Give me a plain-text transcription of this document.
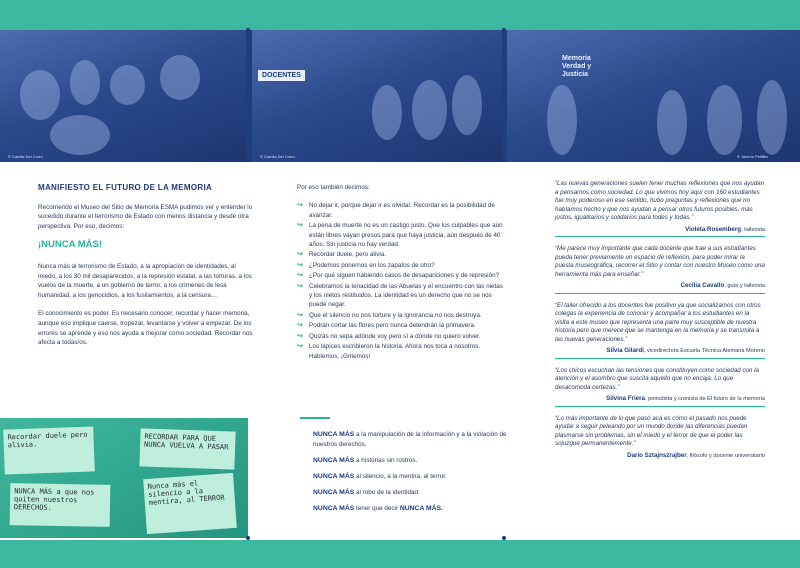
© Camila Del Corro
DOCENTES
© Camila Del Corro
Memoria Verdad y Justicia
© Jazmín Pelliller
MANIFIESTO EL FUTURO DE LA MEMORIA

Recorriendo el Museo del Sitio de Memoria ESMA pudimos ver y entender lo sucedido durante el terrorismo de Estado con menos distancia y desde otra perspectiva. Por eso, decimos:

¡NUNCA MÁS!

Nunca más al terrorismo de Estado, a la apropiación de identidades, al miedo, a los 30 mil desaparecidos, a la represión estatal, a las torturas, a los vuelos de la muerte, a un gobierno de terror, a los crímenes de lesa humanidad, a los genocidios, a los fusilamientos, a la censura…

El conocimiento es poder. Es necesario conocer, recordar y hacer memoria, aunque eso implique caerse, tropezar, levantarse y volver a empezar. De los errores se aprende y eso nos ayuda a mejorar como sociedad. Recordar nos afecta a todas/os.

Recordar duele pero alivia.
RECORDAR PARA QUE NUNCA VUELVA A PASAR
NUNCA MÁS a que nos quiten nuestros DERECHOS.
Nunca más el silencio a la mentira, al TERROR

Por eso también decimos:

↪ No dejar ir, porque dejar ir es olvidar. Recordar es la posibilidad de avanzar.
↪ La pena de muerte no es un castigo justo. Que los culpables que aún están libres vayan presos para que haya justicia, aún después de 40 años. Sin justicia no hay verdad.
↪ Recordar duele, pero alivia.
↪ ¿Podemos ponernos en los zapatos de otro?
↪ ¿Por qué siguen habiendo casos de desapariciones y de represión?
↪ Celebramos la tenacidad de las Abuelas y el encuentro con las nietas y los nietos restituidos. La identidad es un derecho que no se nos puede negar.
↪ Que el silencio no nos torture y la ignorancia no nos destruya.
↪ Podrán cortar las flores pero nunca detendrán la primavera.
↪ Quizás no sepa adónde voy pero sí a dónde no quiero volver.
↪ Los lápices escribieron la historia. Ahora nos toca a nosotros. Hablemos, ¡Gritemos!
NUNCA MÁS a la manipulación de la información y a la violación de nuestros derechos.
NUNCA MÁS a historias sin rostros.
NUNCA MÁS al silencio, a la mentira, al terror.
NUNCA MÁS al robo de la identidad.
NUNCA MÁS tener que decir NUNCA MÁS.

“Las nuevas generaciones suelen tener muchas reflexiones que nos ayudan a pensarnos como sociedad. Lo que vivimos hoy aquí con 160 estudiantes fue muy poderoso en ese sentido, hubo preguntas y reflexiones que no habíamos hecho y que nos ayudan a pensar otros futuros posibles, más justos, igualitarios y solidarios para todes y todas.”

Violeta Rosemberg, tallerista

“Me parece muy importante que cada docente que trae a sus estudiantes pueda tener previamente un espacio de reflexión, para poder mirar la puesta museográfica, recorrer el Sitio y contar con nuestro Museo como una herramienta más para enseñar.”

Cecilia Cavallo, guía y tallerista

“El taller ofrecido a los docentes fue positivo ya que socializamos con otros colegas la experiencia de conocer y acompañar a los estudiantes en la visita a este museo que representa una parte muy susceptible de nuestra historia pero que merece que se mantenga en la memoria y se transmita a las nuevas generaciones.”

Silvia Gilardi, vicedirectora Escuela Técnica Alemana Moreno

“Los chicos escuchan las tensiones que constituyen como sociedad con la atención y el asombro que suscita aquello que no encaja. Lo que desacomoda certezas.”

Silvina Friera, periodista y cronista de El futuro de la memoria

“Lo más importante de lo que pasó acá es cómo el pasado nos puede ayudar a seguir peleando por un mundo donde las diferencias puedan plasmarse sin problemas, sin el miedo y el terror de que el poder las sojuzgue permanentemente.”

Darío Sztajnszrajber, filósofo y docente universitario
